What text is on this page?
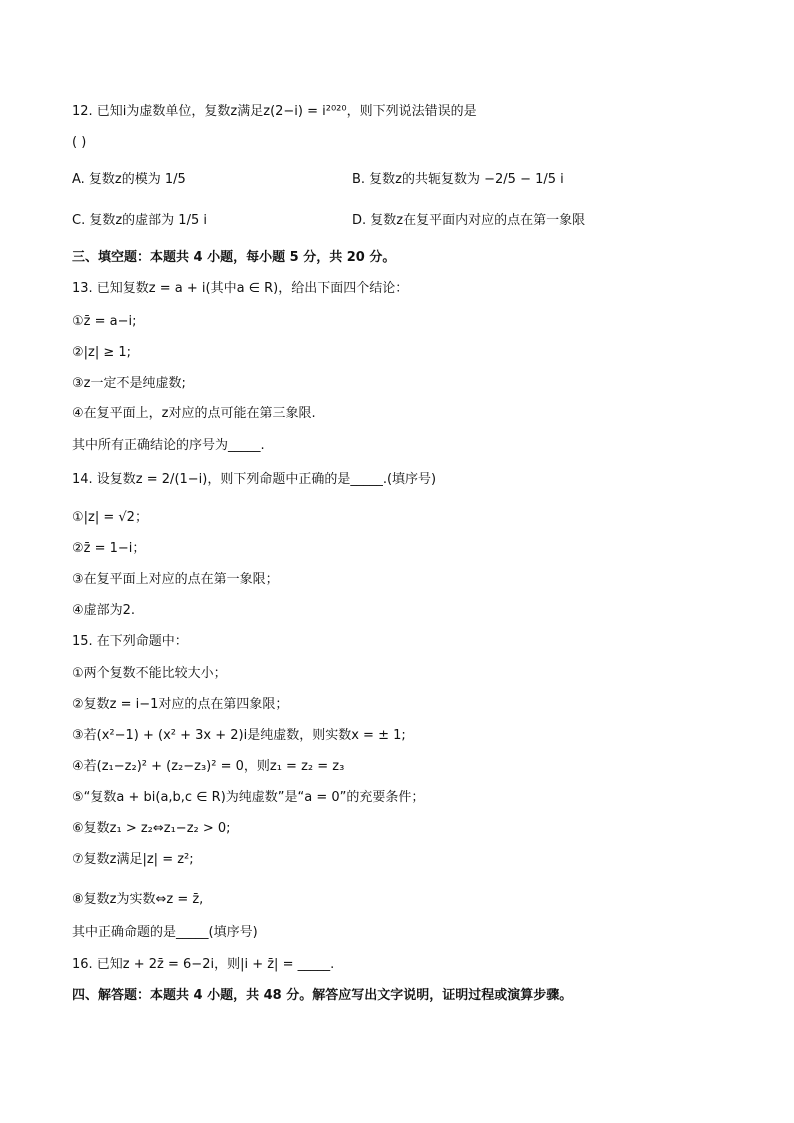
12. 已知i为虚数单位，复数z满足z(2−i) = i²⁰²⁰，则下列说法错误的是
( )
A. 复数z的模为 1/5	B. 复数z的共轭复数为 −2/5 − 1/5 i
C. 复数z的虚部为 1/5 i	D. 复数z在复平面内对应的点在第一象限
三、填空题：本题共 4 小题，每小题 5 分，共 20 分。
13. 已知复数z = a + i(其中a ∈ R)，给出下面四个结论：
①z̄ = a−i;
②|z| ≥ 1;
③z一定不是纯虚数;
④在复平面上，z对应的点可能在第三象限.
其中所有正确结论的序号为_____.
14. 设复数z = 2/(1−i)，则下列命题中正确的是_____.(填序号)
①|z| = √2；
②z̄ = 1−i；
③在复平面上对应的点在第一象限；
④虚部为2.
15. 在下列命题中：
①两个复数不能比较大小；
②复数z = i−1对应的点在第四象限；
③若(x²−1) + (x² + 3x + 2)i是纯虚数，则实数x = ± 1;
④若(z₁−z₂)² + (z₂−z₃)² = 0，则z₁ = z₂ = z₃
⑤“复数a + bi(a,b,c ∈ R)为纯虚数”是“a = 0”的充要条件；
⑥复数z₁ > z₂⇔z₁−z₂ > 0;
⑦复数z满足|z| = z²;
⑧复数z为实数⇔z = z̄,
其中正确命题的是_____(填序号)
16. 已知z + 2z̄ = 6−2i，则|i + z̄| = _____.
四、解答题：本题共 4 小题，共 48 分。解答应写出文字说明，证明过程或演算步骤。
